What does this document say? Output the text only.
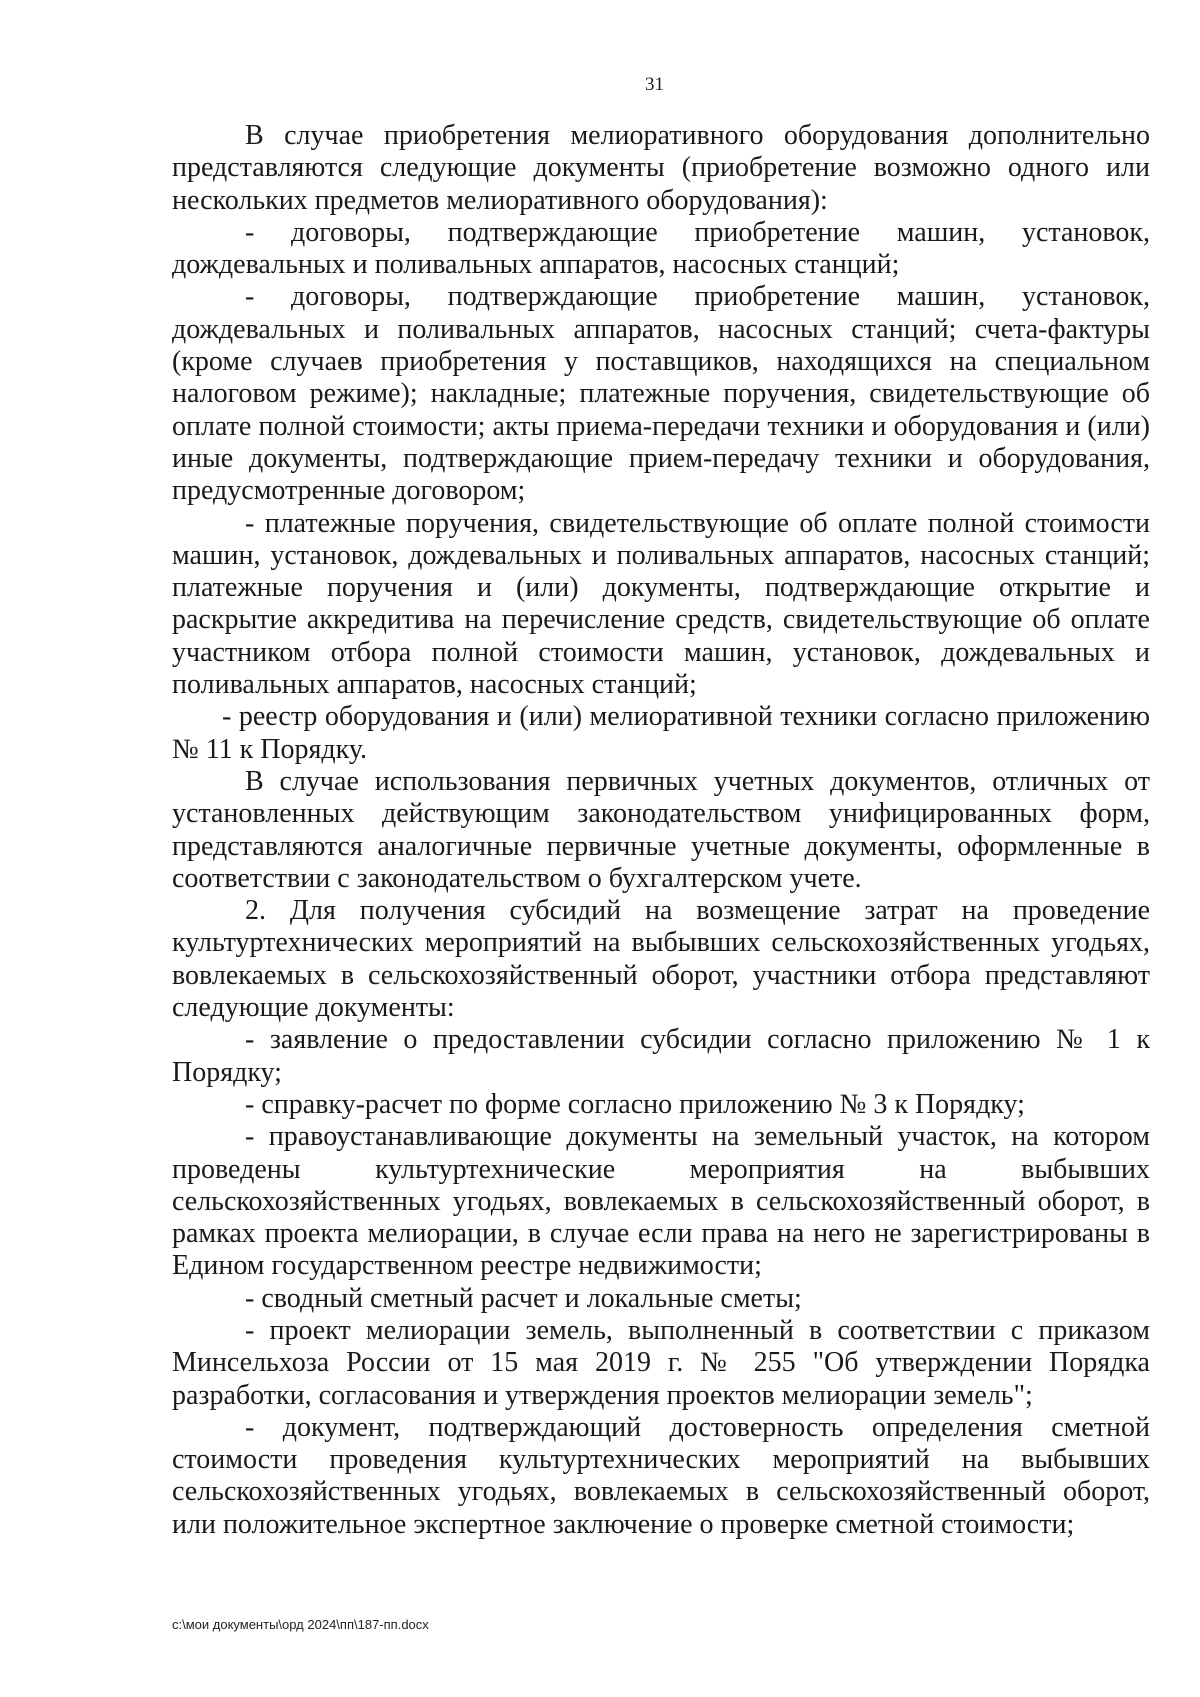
31

В случае приобретения мелиоративного оборудования дополнительно представляются следующие документы (приобретение возможно одного или нескольких предметов мелиоративного оборудования):

- договоры, подтверждающие приобретение машин, установок, дождевальных и поливальных аппаратов, насосных станций;

- договоры, подтверждающие приобретение машин, установок, дождевальных и поливальных аппаратов, насосных станций; счета-фактуры (кроме случаев приобретения у поставщиков, находящихся на специальном налоговом режиме); накладные; платежные поручения, свидетельствующие об оплате полной стоимости; акты приема-передачи техники и оборудования и (или) иные документы, подтверждающие прием-передачу техники и оборудования, предусмотренные договором;

- платежные поручения, свидетельствующие об оплате полной стоимости машин, установок, дождевальных и поливальных аппаратов, насосных станций; платежные поручения и (или) документы, подтверждающие открытие и раскрытие аккредитива на перечисление средств, свидетельствующие об оплате участником отбора полной стоимости машин, установок, дождевальных и поливальных аппаратов, насосных станций;

- реестр оборудования и (или) мелиоративной техники согласно приложению № 11 к Порядку.

В случае использования первичных учетных документов, отличных от установленных действующим законодательством унифицированных форм, представляются аналогичные первичные учетные документы, оформленные в соответствии с законодательством о бухгалтерском учете.

2. Для получения субсидий на возмещение затрат на проведение культуртехнических мероприятий на выбывших сельскохозяйственных угодьях, вовлекаемых в сельскохозяйственный оборот, участники отбора представляют следующие документы:

- заявление о предоставлении субсидии согласно приложению № 1 к Порядку;

- справку-расчет по форме согласно приложению № 3 к Порядку;

- правоустанавливающие документы на земельный участок, на котором проведены культуртехнические мероприятия на выбывших сельскохозяйственных угодьях, вовлекаемых в сельскохозяйственный оборот, в рамках проекта мелиорации, в случае если права на него не зарегистрированы в Едином государственном реестре недвижимости;

- сводный сметный расчет и локальные сметы;

- проект мелиорации земель, выполненный в соответствии с приказом Минсельхоза России от 15 мая 2019 г. № 255 "Об утверждении Порядка разработки, согласования и утверждения проектов мелиорации земель";

- документ, подтверждающий достоверность определения сметной стоимости проведения культуртехнических мероприятий на выбывших сельскохозяйственных угодьях, вовлекаемых в сельскохозяйственный оборот, или положительное экспертное заключение о проверке сметной стоимости;

c:\мои документы\орд 2024\пп\187-пп.docx
